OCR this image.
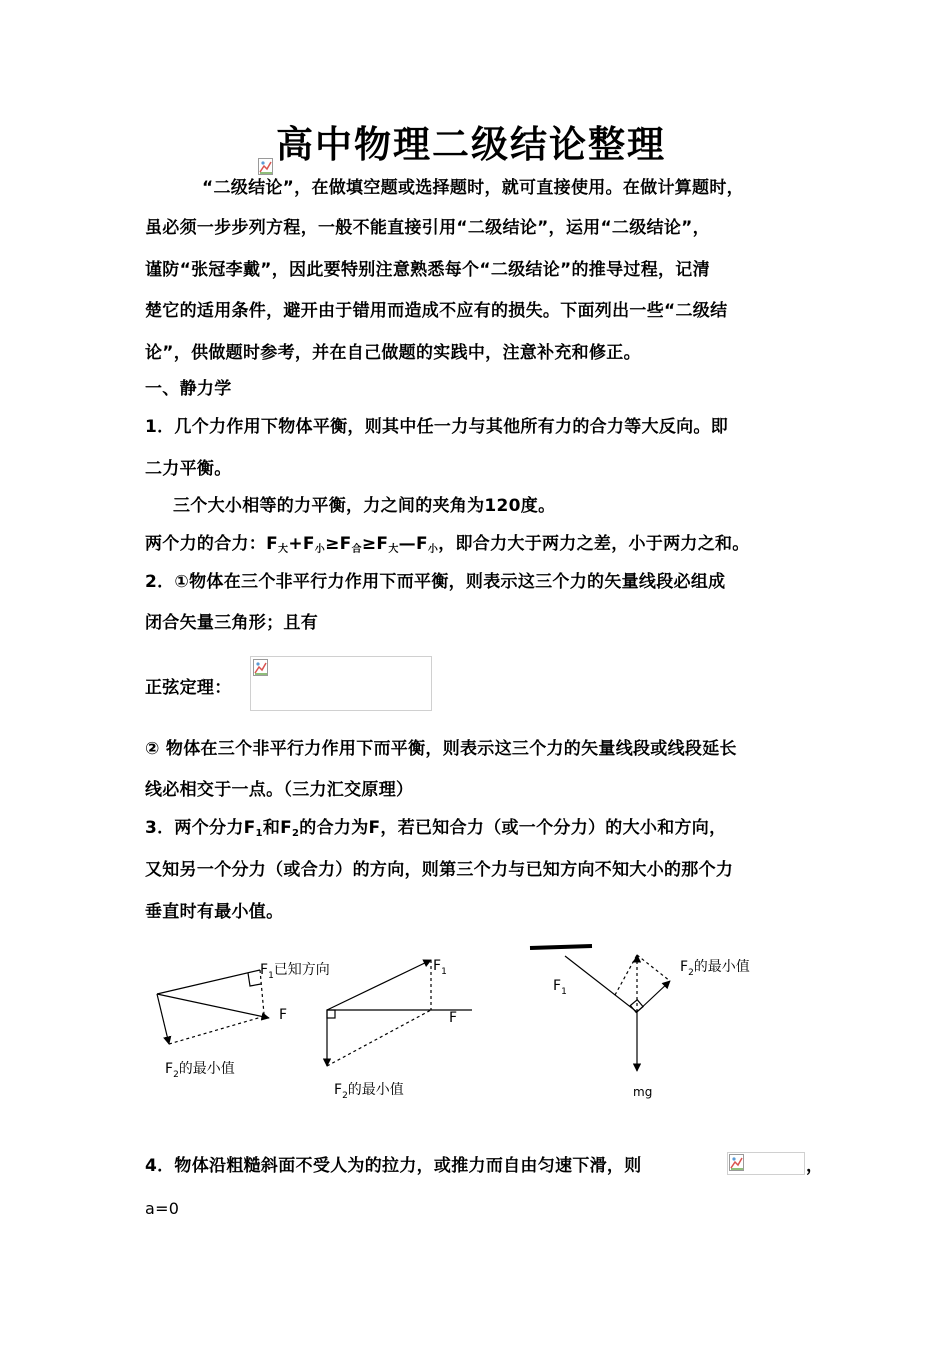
高中物理二级结论整理
“二级结论”，在做填空题或选择题时，就可直接使用。在做计算题时，
虽必须一步步列方程，一般不能直接引用“二级结论”，运用“二级结论”，
谨防“张冠李戴”，因此要特别注意熟悉每个“二级结论”的推导过程，记清
楚它的适用条件，避开由于错用而造成不应有的损失。下面列出一些“二级结
论”，供做题时参考，并在自己做题的实践中，注意补充和修正。
一、静力学
1．几个力作用下物体平衡，则其中任一力与其他所有力的合力等大反向。即
二力平衡。
三个大小相等的力平衡，力之间的夹角为120度。
两个力的合力：$F_大+F_小\ge F_合\ge F_大—F_小$，即合力大于两力之差，小于两力之和。
2．①物体在三个非平行力作用下而平衡，则表示这三个力的矢量线段必组成
闭合矢量三角形；且有
正弦定理：
② 物体在三个非平行力作用下而平衡，则表示这三个力的矢量线段或线段延长
线必相交于一点。（三力汇交原理）
3．两个分力$F_1$和$F_2$的合力为F，若已知合力（或一个分力）的大小和方向，
又知另一个分力（或合力）的方向，则第三个力与已知方向不知大小的那个力
垂直时有最小值。
$F_1$已知方向
F
$F_2$的最小值
$F_1$
F
$F_2$的最小值
$F_1$
$F_2$的最小值
mg
4．物体沿粗糙斜面不受人为的拉力，或推力而自由匀速下滑，则	，
a=0
